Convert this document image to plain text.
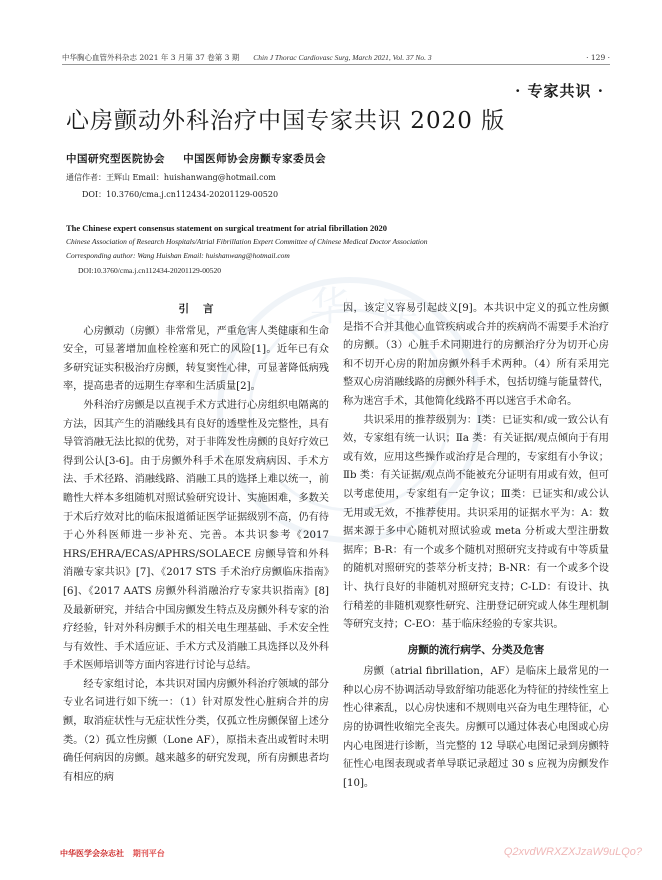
中华胸心血管外科杂志 2021 年 3 月第 37 卷第 3 期 Chin J Thorac Cardiovasc Surg, March 2021, Vol. 37 No. 3	· 129 ·
· 专家共识 ·
心房颤动外科治疗中国专家共识 2020 版
中国研究型医院协会 中国医师协会房颤专家委员会
通信作者：王辉山 Email：huishanwang@hotmail.com
DOI：10.3760/cma.j.cn112434-20201129-00520
The Chinese expert consensus statement on surgical treatment for atrial fibrillation 2020
Chinese Association of Research Hospitals/Atrial Fibrillation Expert Committee of Chinese Medical Doctor Association
Corresponding author: Wang Huishan Email: huishanwang@hotmail.com
DOI:10.3760/cma.j.cn112434-20201129-00520
华 医
引言

心房颤动（房颤）非常常见，严重危害人类健康和生命安全，可显著增加血栓栓塞和死亡的风险[1]。近年已有众多研究证实积极治疗房颤，转复窦性心律，可显著降低病残率，提高患者的远期生存率和生活质量[2]。

外科治疗房颤是以直视手术方式进行心房组织电隔离的方法，因其产生的消融线具有良好的透壁性及完整性，具有导管消融无法比拟的优势，对于非阵发性房颤的良好疗效已得到公认[3-6]。由于房颤外科手术在原发病病因、手术方法、手术径路、消融线路、消融工具的选择上难以统一，前瞻性大样本多组随机对照试验研究设计、实施困难，多数关于术后疗效对比的临床报道循证医学证据级别不高，仍有待于心外科医师进一步补充、完善。本共识参考《2017 HRS/EHRA/ECAS/APHRS/SOLAECE 房颤导管和外科消融专家共识》[7]、《2017 STS 手术治疗房颤临床指南》[6]、《2017 AATS 房颤外科消融治疗专家共识指南》[8]及最新研究，并结合中国房颤发生特点及房颤外科专家的治疗经验，针对外科房颤手术的相关电生理基础、手术安全性与有效性、手术适应证、手术方式及消融工具选择以及外科手术医师培训等方面内容进行讨论与总结。

经专家组讨论，本共识对国内房颤外科治疗领域的部分专业名词进行如下统一：（1）针对原发性心脏病合并的房颤，取消症状性与无症状性分类，仅孤立性房颤保留上述分类。（2）孤立性房颤（Lone AF），原指未查出或暂时未明确任何病因的房颤。越来越多的研究发现，所有房颤患者均有相应的病

因，该定义容易引起歧义[9]。本共识中定义的孤立性房颤是指不合并其他心血管疾病或合并的疾病尚不需要手术治疗的房颤。（3）心脏手术同期进行的房颤治疗分为切开心房和不切开心房的附加房颤外科手术两种。（4）所有采用完整双心房消融线路的房颤外科手术，包括切缝与能量替代，称为迷宫手术，其他简化线路不再以迷宫手术命名。

共识采用的推荐级别为：Ⅰ类：已证实和/或一致公认有效，专家组有统一认识；Ⅱa 类：有关证据/观点倾向于有用或有效，应用这些操作或治疗是合理的，专家组有小争议；Ⅱb 类：有关证据/观点尚不能被充分证明有用或有效，但可以考虑使用，专家组有一定争议；Ⅲ类：已证实和/或公认无用或无效，不推荐使用。共识采用的证据水平为：A：数据来源于多中心随机对照试验或 meta 分析或大型注册数据库；B-R：有一个或多个随机对照研究支持或有中等质量的随机对照研究的荟萃分析支持；B-NR：有一个或多个设计、执行良好的非随机对照研究支持；C-LD：有设计、执行稍差的非随机观察性研究、注册登记研究或人体生理机制等研究支持；C-EO：基于临床经验的专家共识。

房颤的流行病学、分类及危害

房颤（atrial fibrillation，AF）是临床上最常见的一种以心房不协调活动导致舒缩功能恶化为特征的持续性室上性心律紊乱，以心房快速和不规则电兴奋为电生理特征，心房的协调性收缩完全丧失。房颤可以通过体表心电图或心房内心电图进行诊断，当完整的 12 导联心电图记录到房颤特征性心电图表现或者单导联记录超过 30 s 应视为房颤发作[10]。

中华医学会杂志社 期刊平台	Q2xvdWRXZXJzaW9uLQo?
